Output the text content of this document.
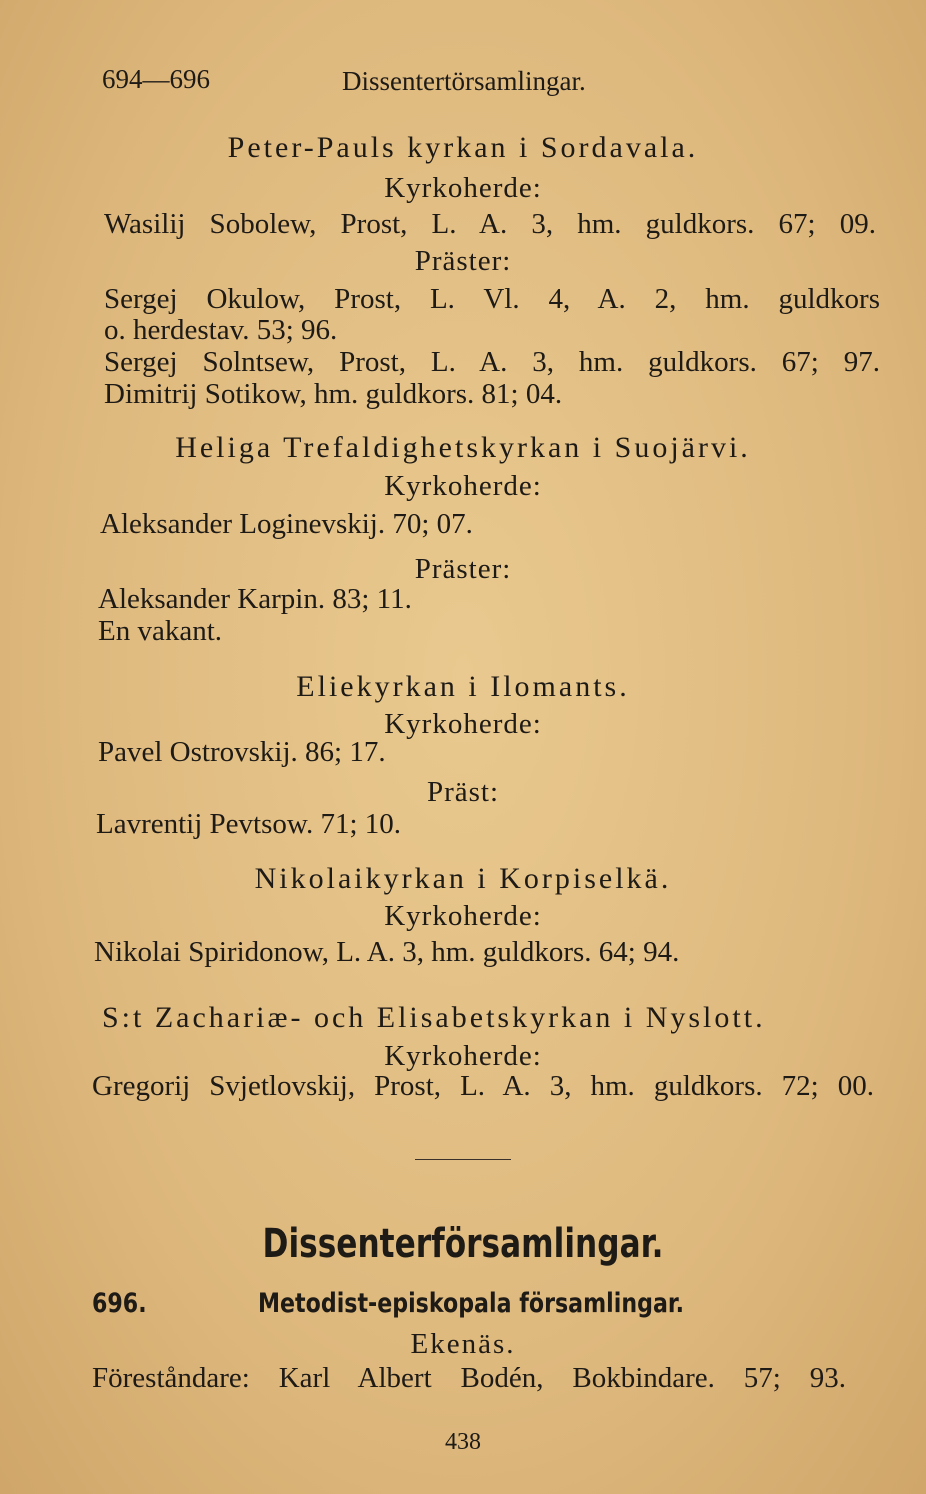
694—696	Dissentertörsamlingar.
Peter-Pauls kyrkan i Sordavala.
Kyrkoherde:
Wasilij Sobolew, Prost, L. A. 3, hm. guldkors. 67; 09.
Präster:
Sergej Okulow, Prost, L. Vl. 4, A. 2, hm. guldkors
o. herdestav. 53; 96.
Sergej Solntsew, Prost, L. A. 3, hm. guldkors. 67; 97.
Dimitrij Sotikow, hm. guldkors. 81; 04.
Heliga Trefaldighetskyrkan i Suojärvi.
Kyrkoherde:
Aleksander Loginevskij. 70; 07.
Präster:
Aleksander Karpin. 83; 11.
En vakant.
Eliekyrkan i Ilomants.
Kyrkoherde:
Pavel Ostrovskij. 86; 17.
Präst:
Lavrentij Pevtsow. 71; 10.
Nikolaikyrkan i Korpiselkä.
Kyrkoherde:
Nikolai Spiridonow, L. A. 3, hm. guldkors. 64; 94.
S:t Zachariæ- och Elisabetskyrkan i Nyslott.
Kyrkoherde:
Gregorij Svjetlovskij, Prost, L. A. 3, hm. guldkors. 72; 00.
Dissenterförsamlingar.
696.	Metodist-episkopala församlingar.
Ekenäs.
Föreståndare: Karl Albert Bodén, Bokbindare. 57; 93.
438
